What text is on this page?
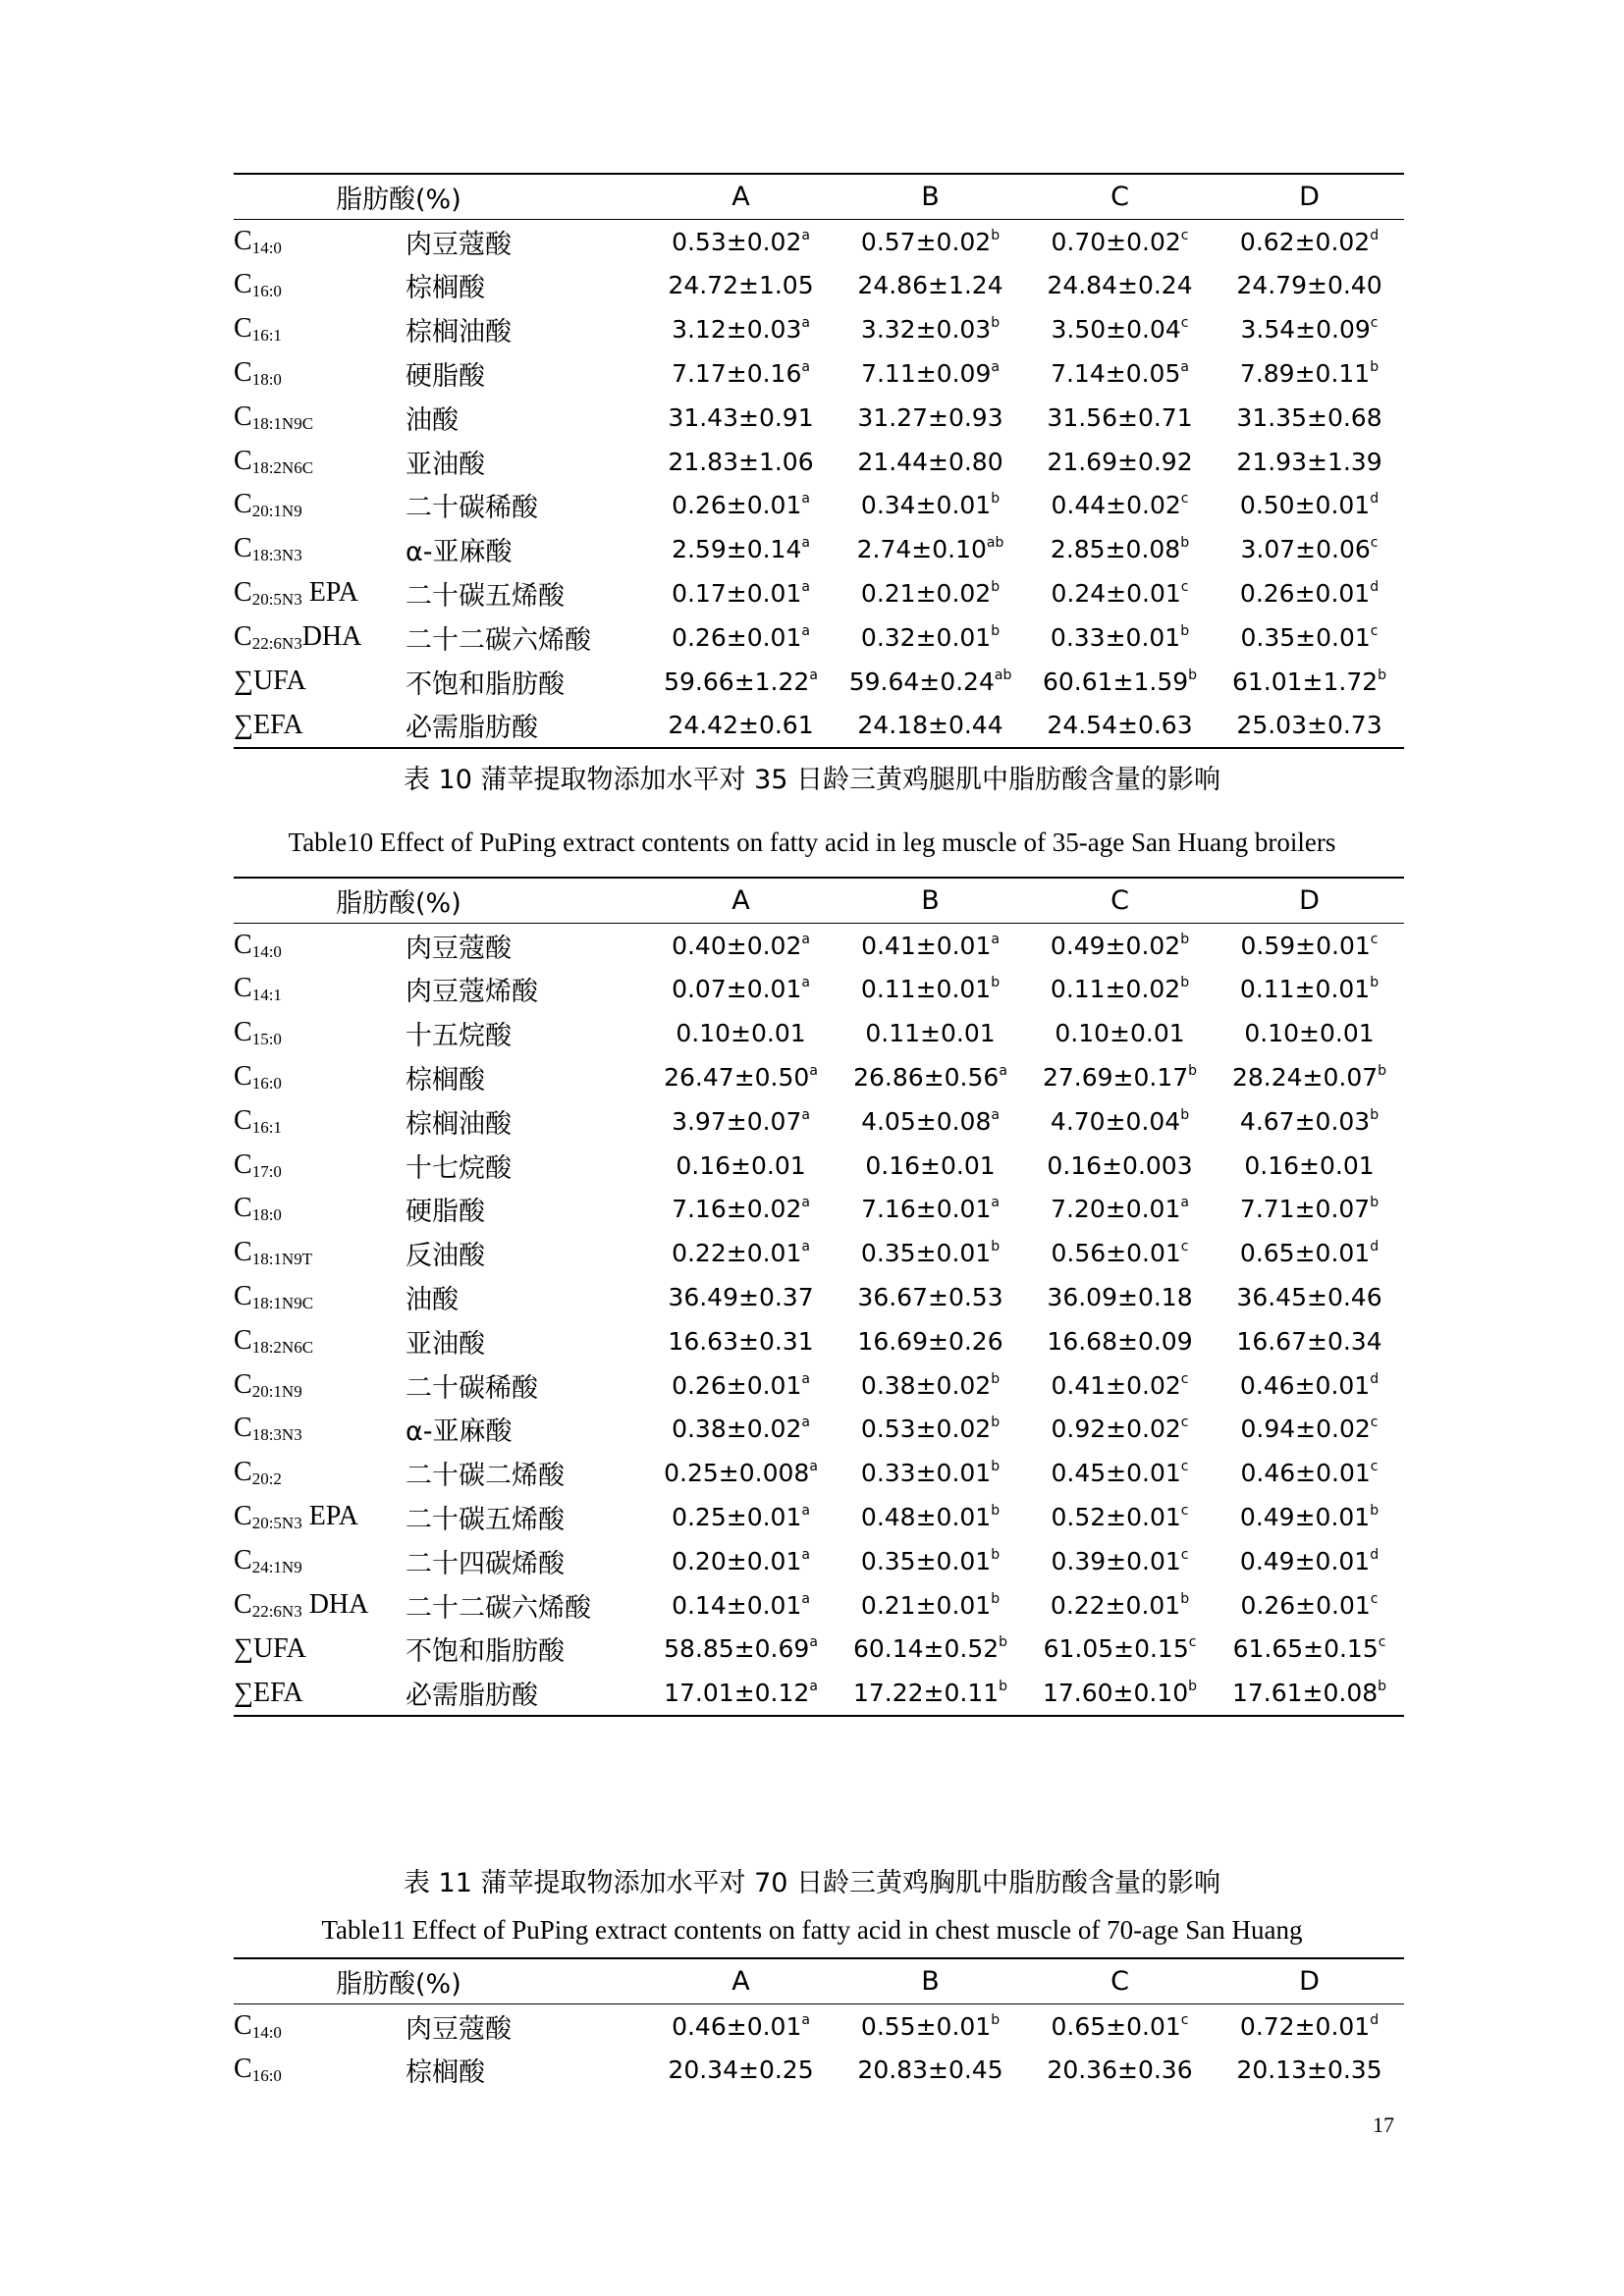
脂肪酸(%)		A	B	C	D
$C_{14:0}$	肉豆蔻酸	0.53±0.02$^a$	0.57±0.02$^b$	0.70±0.02$^c$	0.62±0.02$^d$
$C_{16:0}$	棕榈酸	24.72±1.05	24.86±1.24	24.84±0.24	24.79±0.40
$C_{16:1}$	棕榈油酸	3.12±0.03$^a$	3.32±0.03$^b$	3.50±0.04$^c$	3.54±0.09$^c$
$C_{18:0}$	硬脂酸	7.17±0.16$^a$	7.11±0.09$^a$	7.14±0.05$^a$	7.89±0.11$^b$
$C_{18:1N9C}$	油酸	31.43±0.91	31.27±0.93	31.56±0.71	31.35±0.68
$C_{18:2N6C}$	亚油酸	21.83±1.06	21.44±0.80	21.69±0.92	21.93±1.39
$C_{20:1N9}$	二十碳稀酸	0.26±0.01$^a$	0.34±0.01$^b$	0.44±0.02$^c$	0.50±0.01$^d$
$C_{18:3N3}$	α-亚麻酸	2.59±0.14$^a$	2.74±0.10$^{ab}$	2.85±0.08$^b$	3.07±0.06$^c$
$C_{20:5N3}$ EPA	二十碳五烯酸	0.17±0.01$^a$	0.21±0.02$^b$	0.24±0.01$^c$	0.26±0.01$^d$
$C_{22:6N3}DHA$	二十二碳六烯酸	0.26±0.01$^a$	0.32±0.01$^b$	0.33±0.01$^b$	0.35±0.01$^c$
∑UFA	不饱和脂肪酸	59.66±1.22$^a$	59.64±0.24$^{ab}$	60.61±1.59$^b$	61.01±1.72$^b$
∑EFA	必需脂肪酸	24.42±0.61	24.18±0.44	24.54±0.63	25.03±0.73
表 10 蒲苹提取物添加水平对 35 日龄三黄鸡腿肌中脂肪酸含量的影响
Table10 Effect of PuPing extract contents on fatty acid in leg muscle of 35-age San Huang broilers
脂肪酸(%)		A	B	C	D
$C_{14:0}$	肉豆蔻酸	0.40±0.02$^a$	0.41±0.01$^a$	0.49±0.02$^b$	0.59±0.01$^c$
$C_{14:1}$	肉豆蔻烯酸	0.07±0.01$^a$	0.11±0.01$^b$	0.11±0.02$^b$	0.11±0.01$^b$
$C_{15:0}$	十五烷酸	0.10±0.01	0.11±0.01	0.10±0.01	0.10±0.01
$C_{16:0}$	棕榈酸	26.47±0.50$^a$	26.86±0.56$^a$	27.69±0.17$^b$	28.24±0.07$^b$
$C_{16:1}$	棕榈油酸	3.97±0.07$^a$	4.05±0.08$^a$	4.70±0.04$^b$	4.67±0.03$^b$
$C_{17:0}$	十七烷酸	0.16±0.01	0.16±0.01	0.16±0.003	0.16±0.01
$C_{18:0}$	硬脂酸	7.16±0.02$^a$	7.16±0.01$^a$	7.20±0.01$^a$	7.71±0.07$^b$
$C_{18:1N9T}$	反油酸	0.22±0.01$^a$	0.35±0.01$^b$	0.56±0.01$^c$	0.65±0.01$^d$
$C_{18:1N9C}$	油酸	36.49±0.37	36.67±0.53	36.09±0.18	36.45±0.46
$C_{18:2N6C}$	亚油酸	16.63±0.31	16.69±0.26	16.68±0.09	16.67±0.34
$C_{20:1N9}$	二十碳稀酸	0.26±0.01$^a$	0.38±0.02$^b$	0.41±0.02$^c$	0.46±0.01$^d$
$C_{18:3N3}$	α-亚麻酸	0.38±0.02$^a$	0.53±0.02$^b$	0.92±0.02$^c$	0.94±0.02$^c$
$C_{20:2}$	二十碳二烯酸	0.25±0.008$^a$	0.33±0.01$^b$	0.45±0.01$^c$	0.46±0.01$^c$
$C_{20:5N3}$ EPA	二十碳五烯酸	0.25±0.01$^a$	0.48±0.01$^b$	0.52±0.01$^c$	0.49±0.01$^b$
$C_{24:1N9}$	二十四碳烯酸	0.20±0.01$^a$	0.35±0.01$^b$	0.39±0.01$^c$	0.49±0.01$^d$
$C_{22:6N3}$ DHA	二十二碳六烯酸	0.14±0.01$^a$	0.21±0.01$^b$	0.22±0.01$^b$	0.26±0.01$^c$
∑UFA	不饱和脂肪酸	58.85±0.69$^a$	60.14±0.52$^b$	61.05±0.15$^c$	61.65±0.15$^c$
∑EFA	必需脂肪酸	17.01±0.12$^a$	17.22±0.11$^b$	17.60±0.10$^b$	17.61±0.08$^b$
表 11 蒲苹提取物添加水平对 70 日龄三黄鸡胸肌中脂肪酸含量的影响
Table11 Effect of PuPing extract contents on fatty acid in chest muscle of 70-age San Huang
脂肪酸(%)		A	B	C	D
$C_{14:0}$	肉豆蔻酸	0.46±0.01$^a$	0.55±0.01$^b$	0.65±0.01$^c$	0.72±0.01$^d$
$C_{16:0}$	棕榈酸	20.34±0.25	20.83±0.45	20.36±0.36	20.13±0.35
17
